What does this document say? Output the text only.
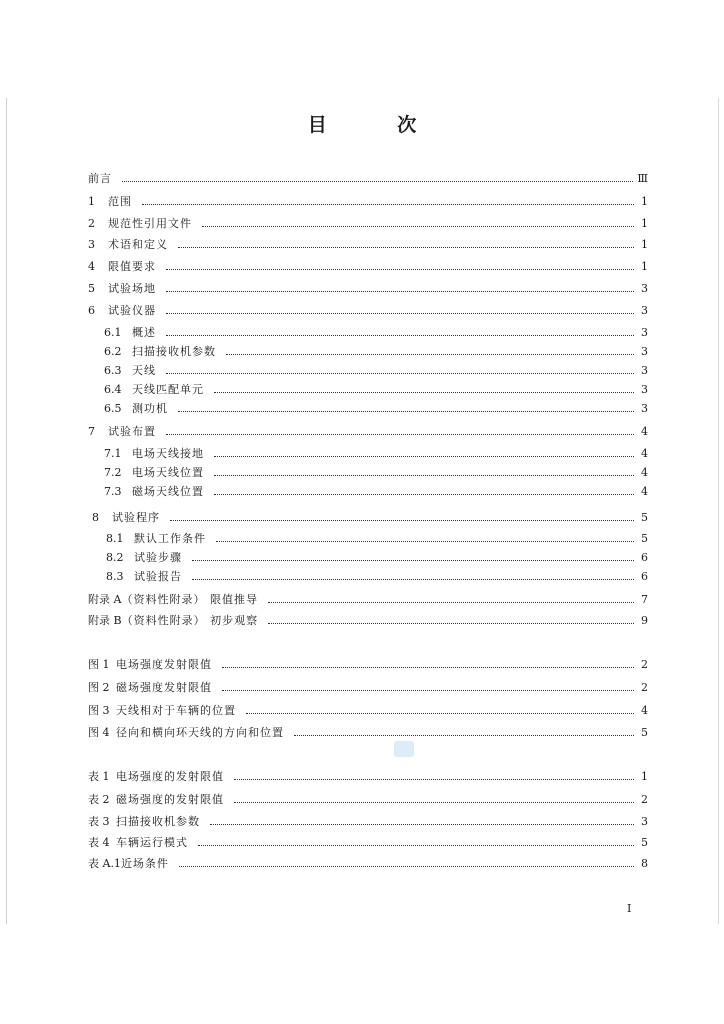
目 次
前言	Ⅲ
1	范围	1
2	规范性引用文件	1
3	术语和定义	1
4	限值要求	1
5	试验场地	3
6	试验仪器	3
6.1 概述	3
6.2 扫描接收机参数	3
6.3 天线	3
6.4 天线匹配单元	3
6.5 测功机	3
7	试验布置	4
7.1 电场天线接地	4
7.2 电场天线位置	4
7.3 磁场天线位置	4
8	试验程序	5
8.1 默认工作条件	5
8.2 试验步骤	6
8.3 试验报告	6
附录 A （资料性附录） 限值推导	7
附录 B （资料性附录） 初步观察	9
图 1 电场强度发射限值	2
图 2 磁场强度发射限值	2
图 3 天线相对于车辆的位置	4
图 4 径向和横向环天线的方向和位置	5
表 1 电场强度的发射限值	1
表 2 磁场强度的发射限值	2
表 3 扫描接收机参数	3
表 4 车辆运行模式	5
表 A.1 近场条件	8
I
